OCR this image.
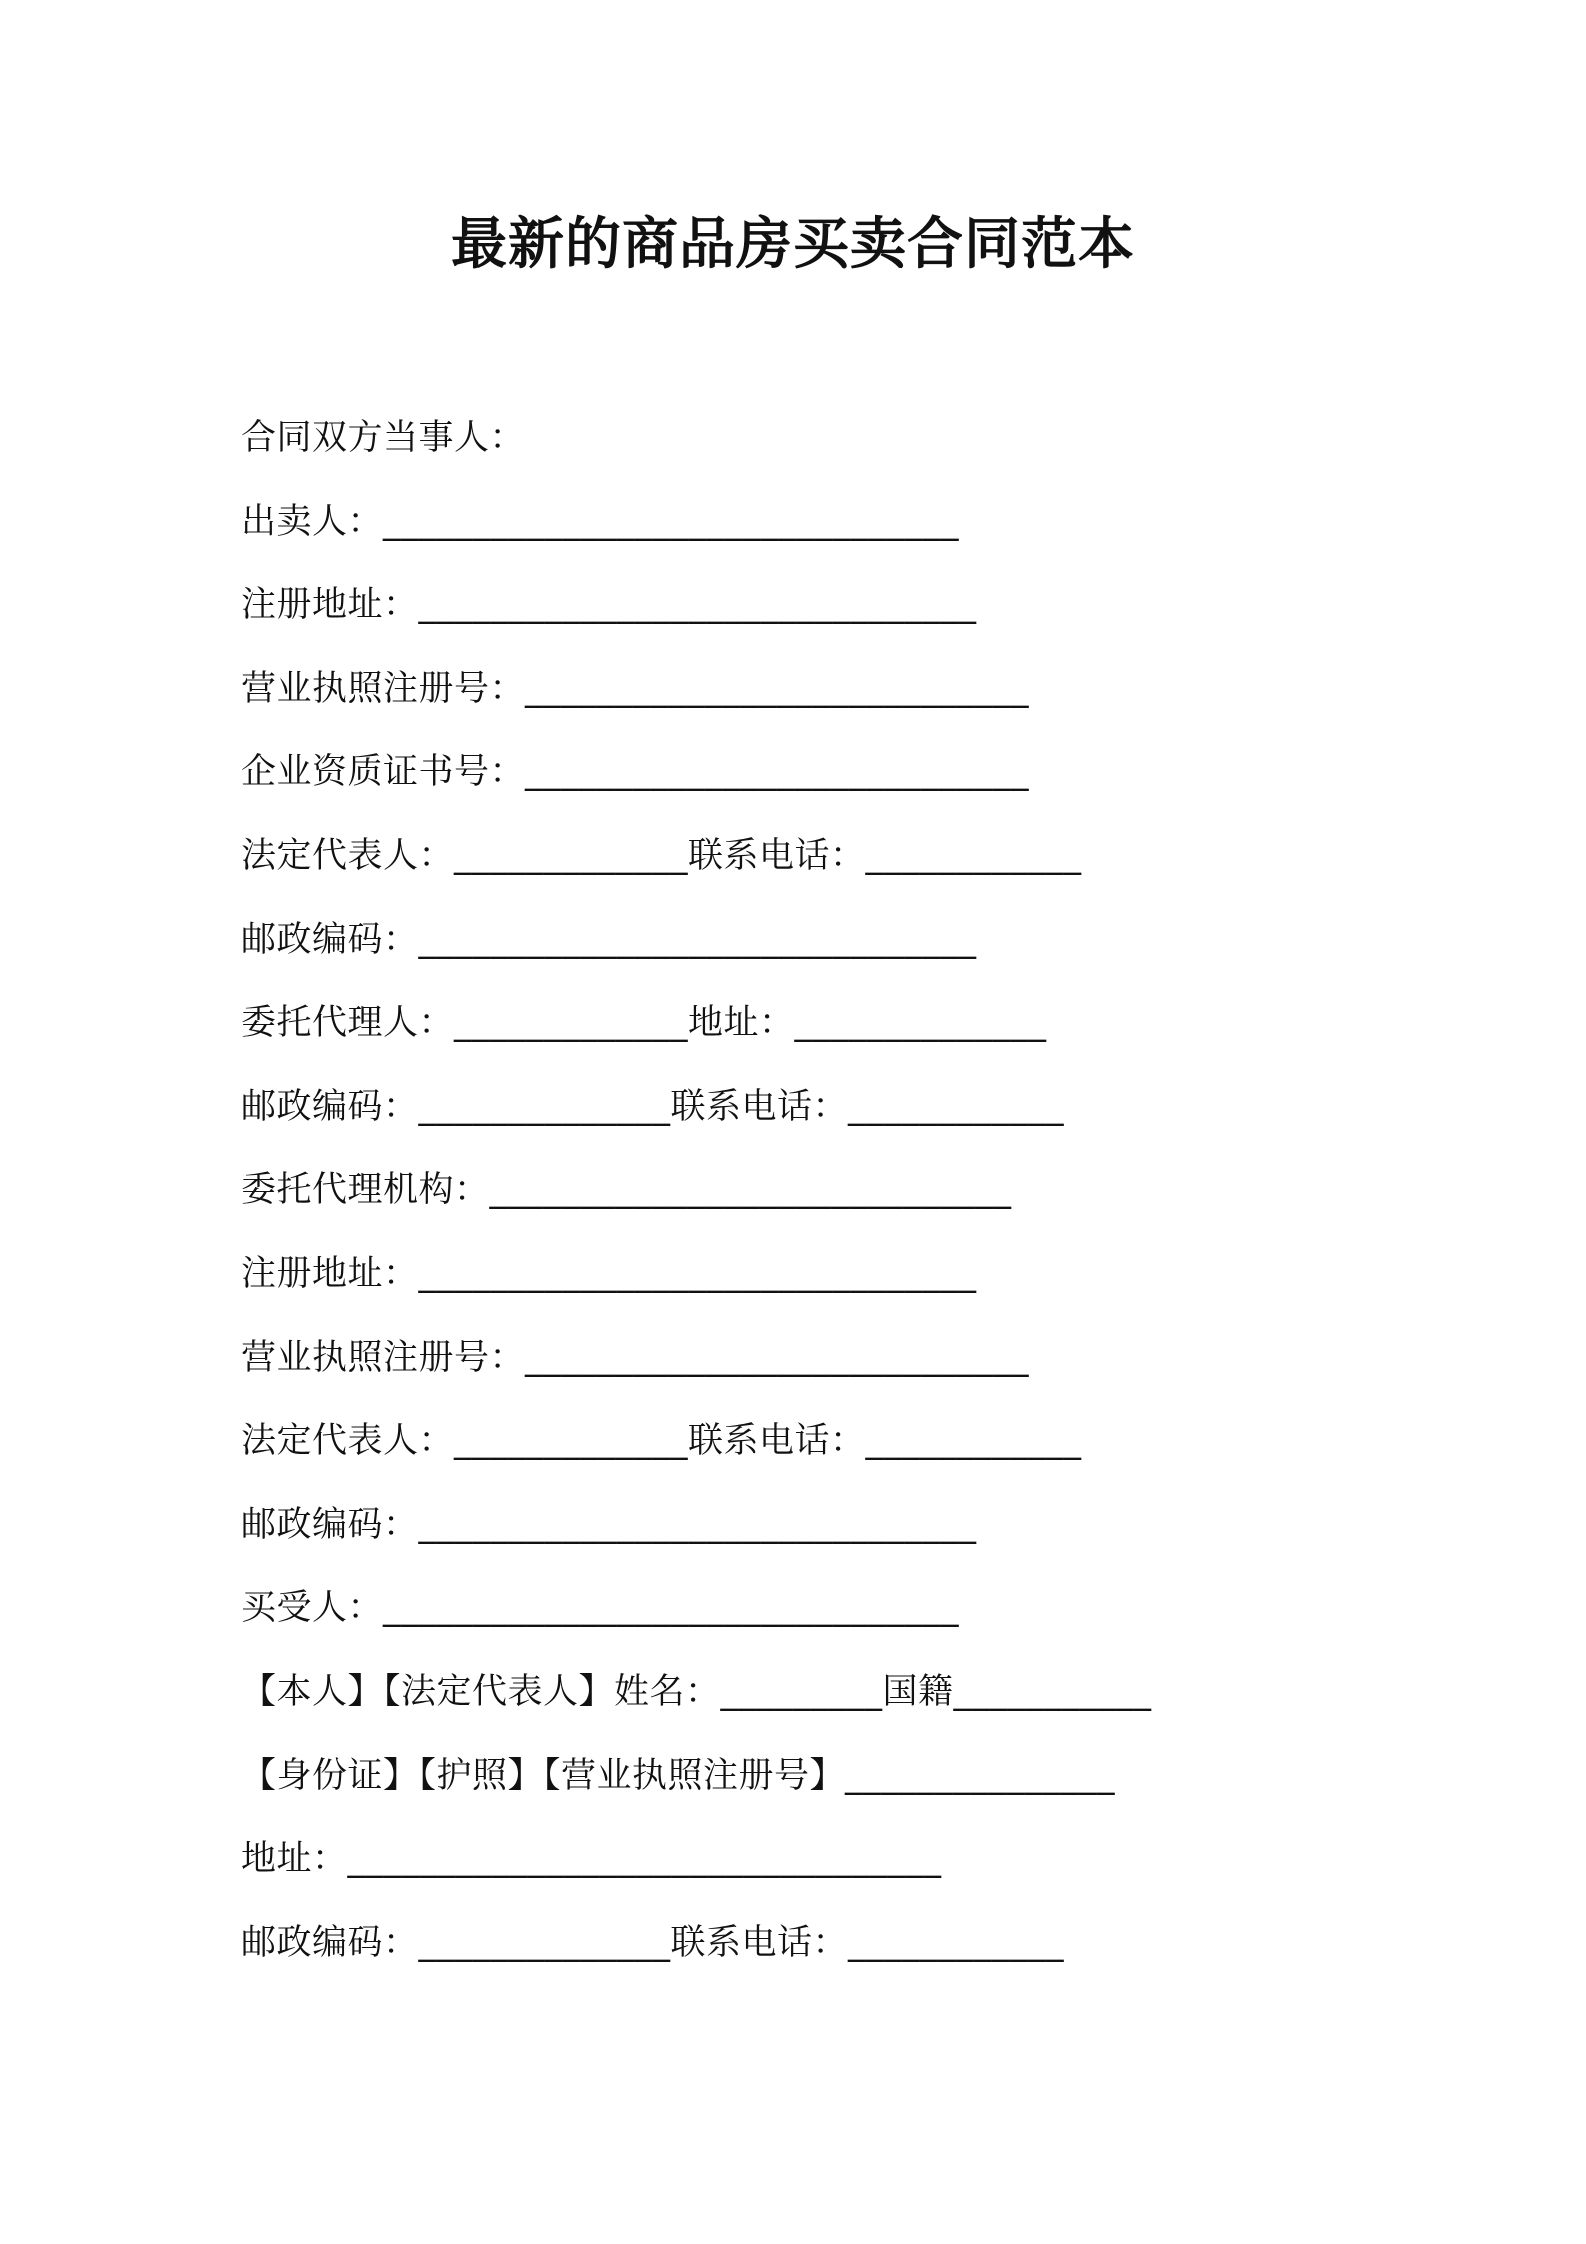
最新的商品房买卖合同范本
合同双方当事人：
出卖人：________________________________
注册地址：_______________________________
营业执照注册号：____________________________
企业资质证书号：____________________________
法定代表人：_____________联系电话：____________
邮政编码：_______________________________
委托代理人：_____________地址：______________
邮政编码：______________联系电话：____________
委托代理机构：_____________________________
注册地址：_______________________________
营业执照注册号：____________________________
法定代表人：_____________联系电话：____________
邮政编码：_______________________________
买受人：________________________________
【本人】【法定代表人】姓名：_________国籍___________
【身份证】【护照】【营业执照注册号】_______________
地址：_________________________________
邮政编码：______________联系电话：____________
